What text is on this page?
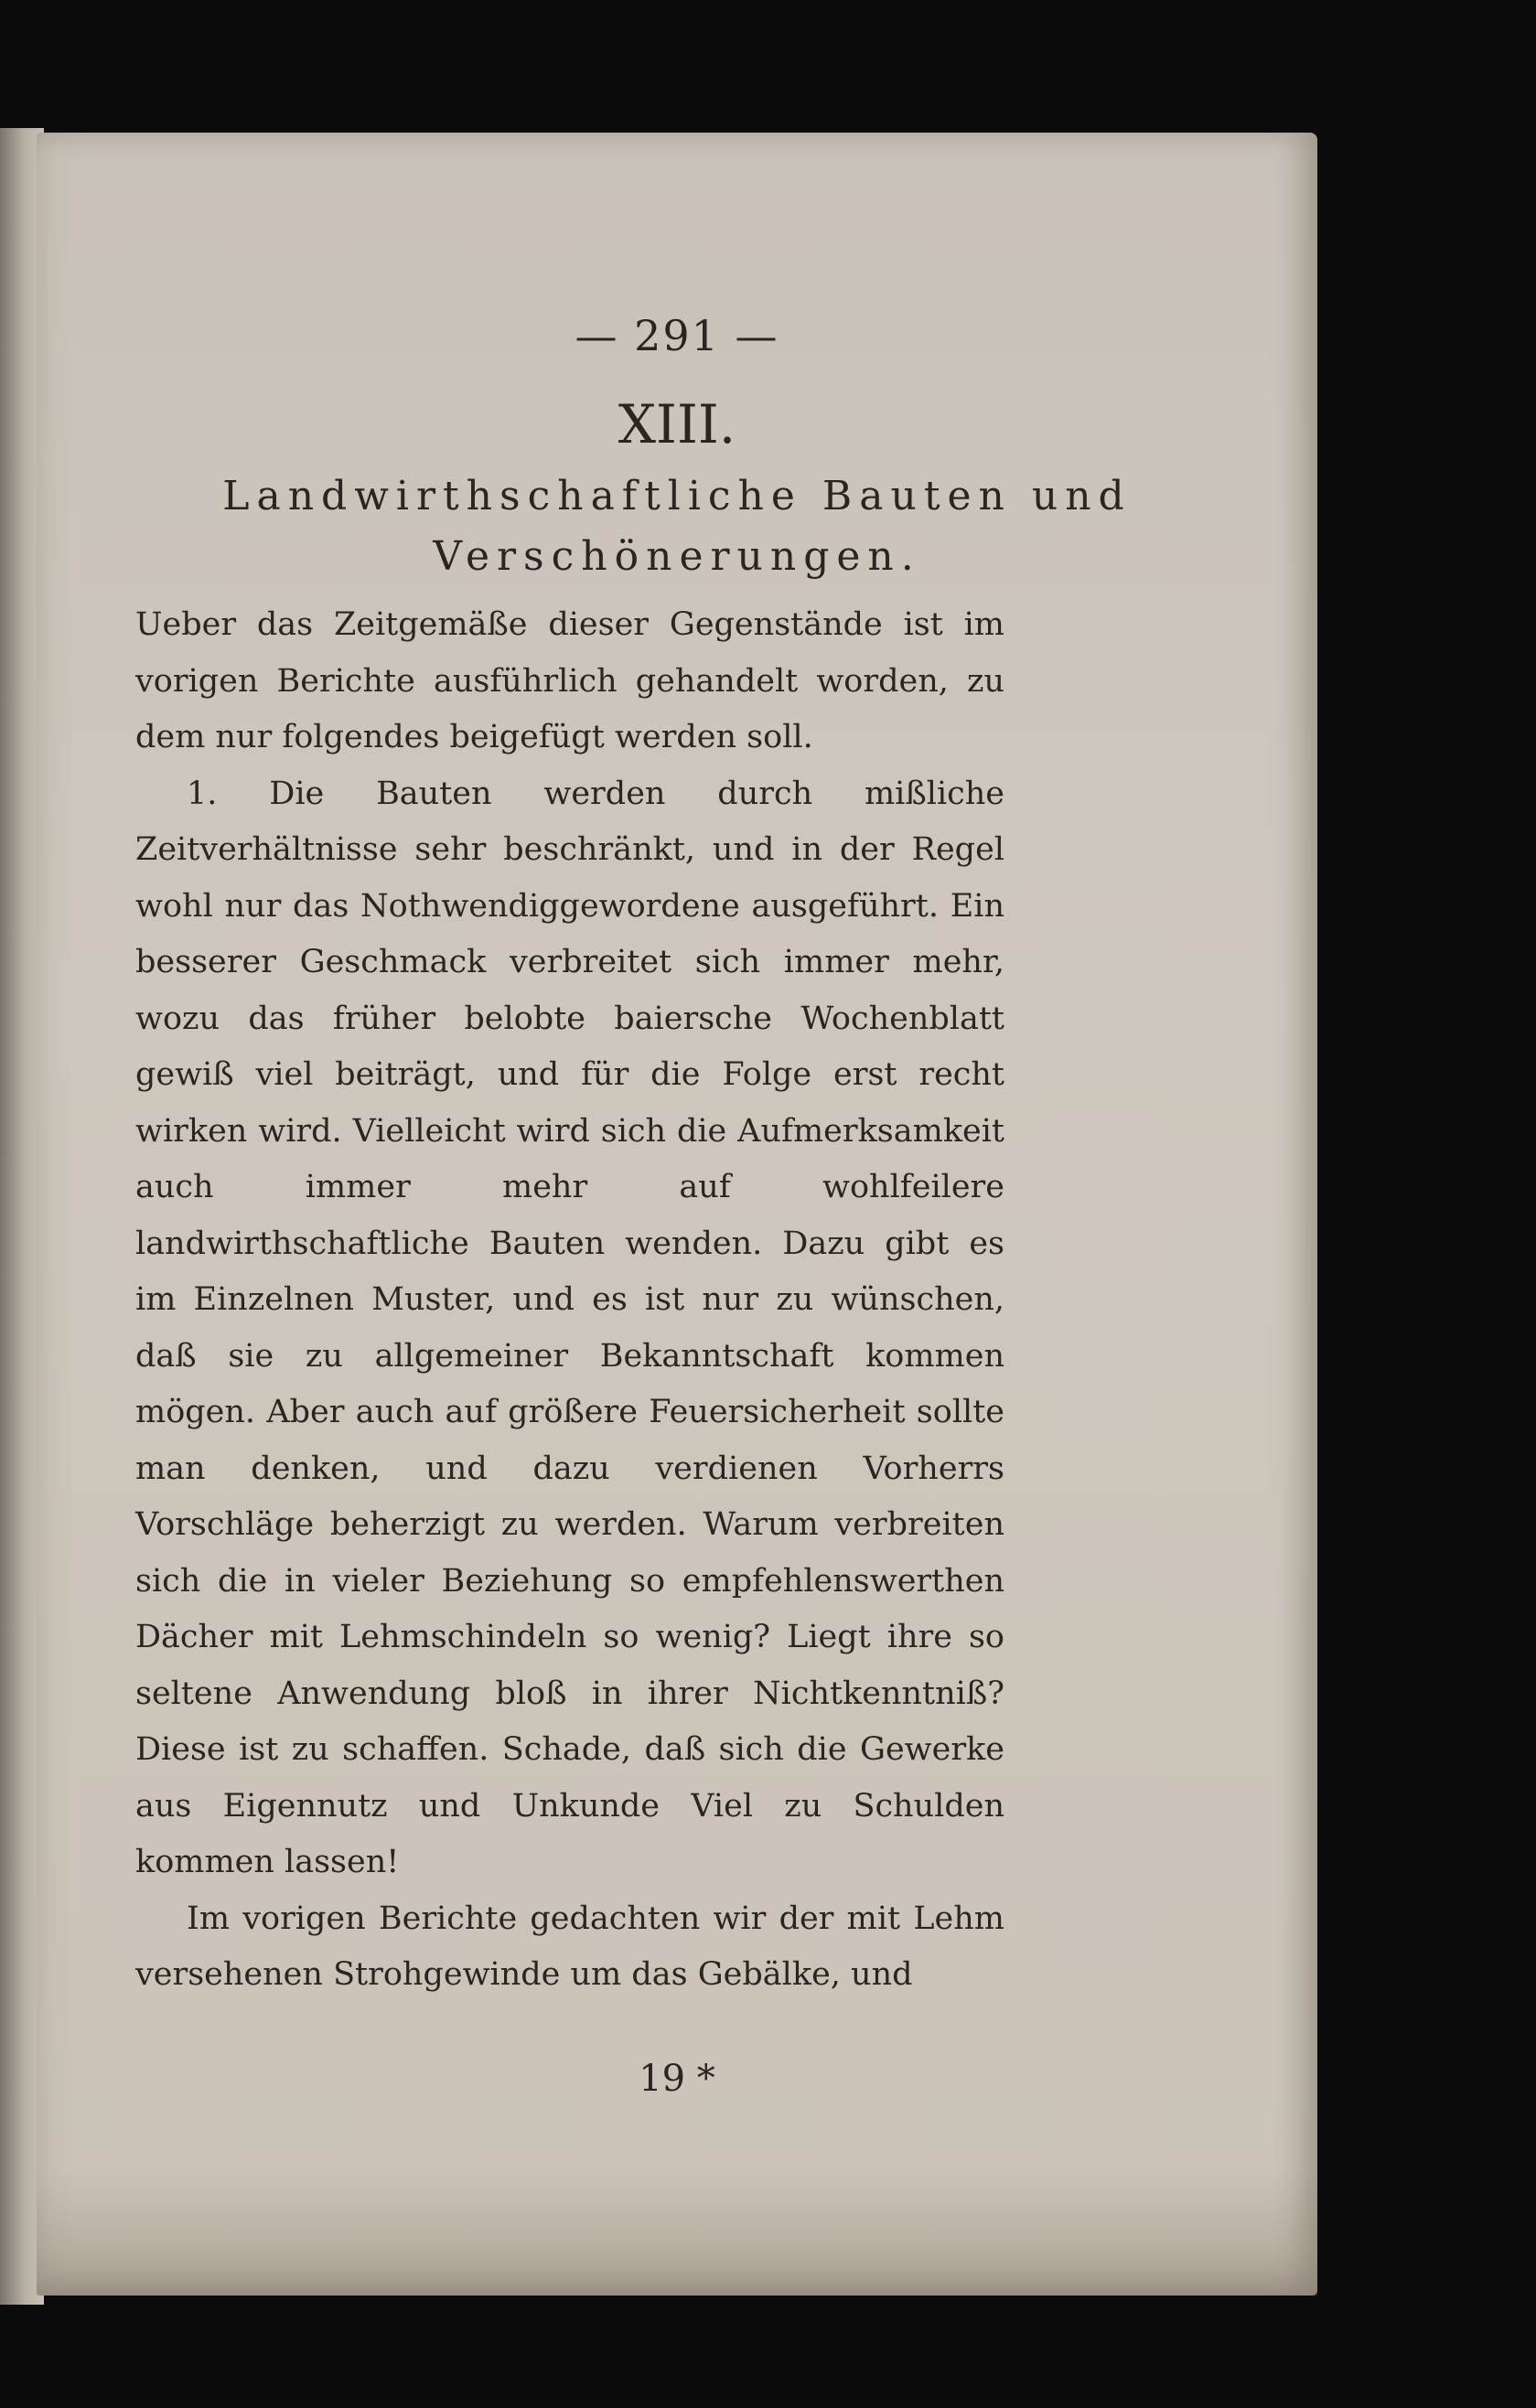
— 291 —
XIII.
Landwirthschaftliche Bauten und
Verschönerungen.

Ueber das Zeitgemäße dieser Gegenstände ist im vorigen Berichte ausführlich gehandelt worden, zu dem nur folgendes beigefügt werden soll.

1. Die Bauten werden durch mißliche Zeitverhältnisse sehr beschränkt, und in der Regel wohl nur das Nothwendiggewordene ausgeführt. Ein besserer Geschmack verbreitet sich immer mehr, wozu das früher belobte baiersche Wochenblatt gewiß viel beiträgt, und für die Folge erst recht wirken wird. Vielleicht wird sich die Aufmerksamkeit auch immer mehr auf wohlfeilere landwirthschaftliche Bauten wenden. Dazu gibt es im Einzelnen Muster, und es ist nur zu wünschen, daß sie zu allgemeiner Bekanntschaft kommen mögen. Aber auch auf größere Feuersicherheit sollte man denken, und dazu verdienen Vorherrs Vorschläge beherzigt zu werden. Warum verbreiten sich die in vieler Beziehung so empfehlenswerthen Dächer mit Lehmschindeln so wenig? Liegt ihre so seltene Anwendung bloß in ihrer Nichtkenntniß? Diese ist zu schaffen. Schade, daß sich die Gewerke aus Eigennutz und Unkunde Viel zu Schulden kommen lassen!

Im vorigen Berichte gedachten wir der mit Lehm versehenen Strohgewinde um das Gebälke, und

19 *
